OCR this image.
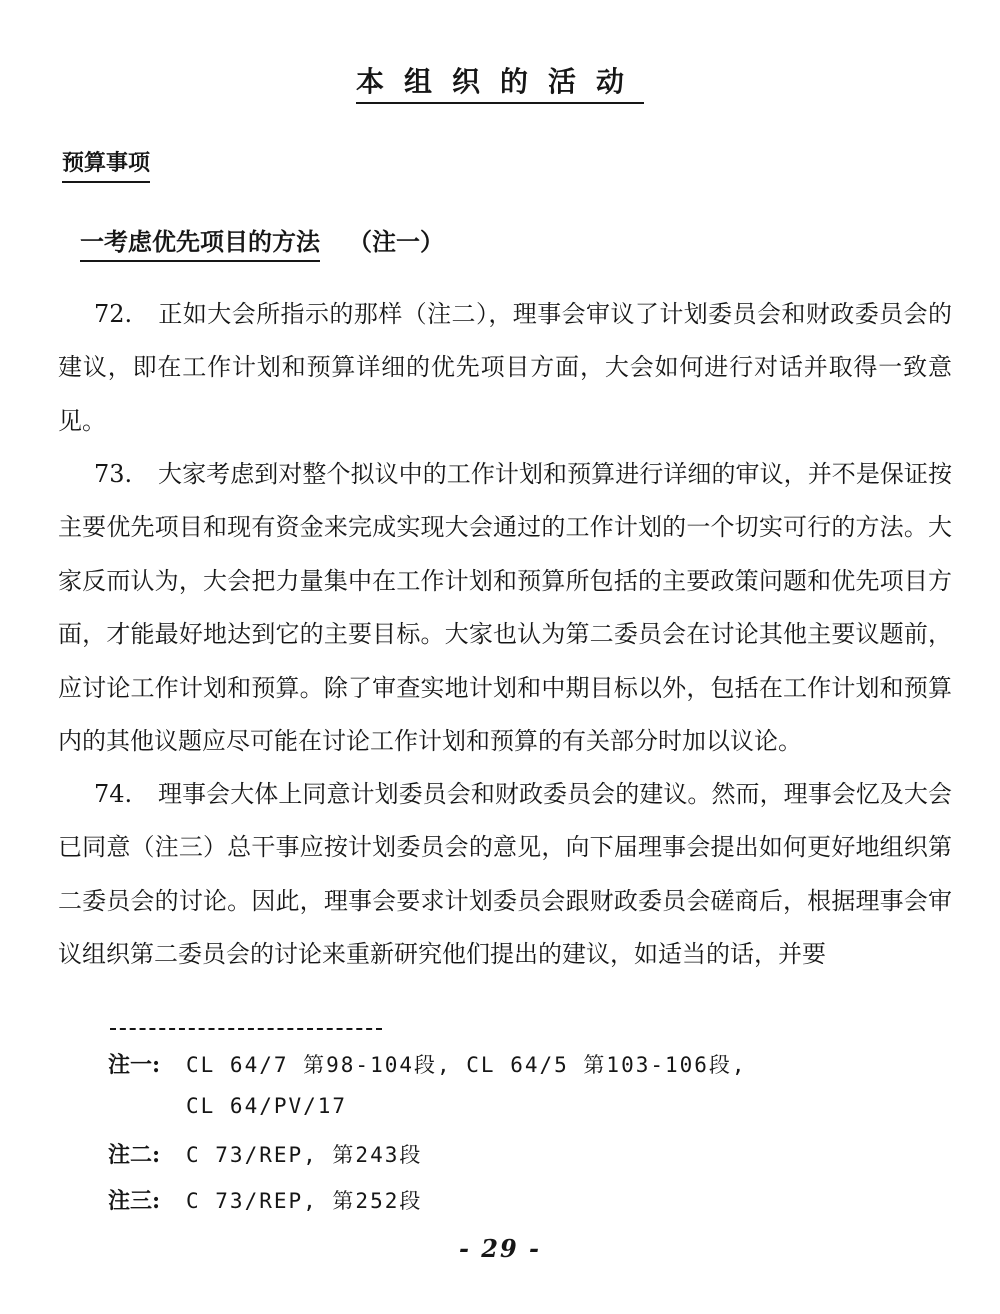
本组织的活动
预算事项
一考虑优先项目的方法 （注一）
72. 正如大会所指示的那样（注二），理事会审议了计划委员会和财政委员会的建议，即在工作计划和预算详细的优先项目方面，大会如何进行对话并取得一致意见。
73. 大家考虑到对整个拟议中的工作计划和预算进行详细的审议，并不是保证按主要优先项目和现有资金来完成实现大会通过的工作计划的一个切实可行的方法。大家反而认为，大会把力量集中在工作计划和预算所包括的主要政策问题和优先项目方面，才能最好地达到它的主要目标。大家也认为第二委员会在讨论其他主要议题前，应讨论工作计划和预算。除了审查实地计划和中期目标以外，包括在工作计划和预算内的其他议题应尽可能在讨论工作计划和预算的有关部分时加以议论。
74. 理事会大体上同意计划委员会和财政委员会的建议。然而，理事会忆及大会已同意（注三）总干事应按计划委员会的意见，向下届理事会提出如何更好地组织第二委员会的讨论。因此，理事会要求计划委员会跟财政委员会磋商后，根据理事会审议组织第二委员会的讨论来重新研究他们提出的建议，如适当的话，并要
注一: CL 64/7 第98-104段, CL 64/5 第103-106段,
CL 64/PV/17
注二: C 73/REP, 第243段
注三: C 73/REP, 第252段
- 29 -
